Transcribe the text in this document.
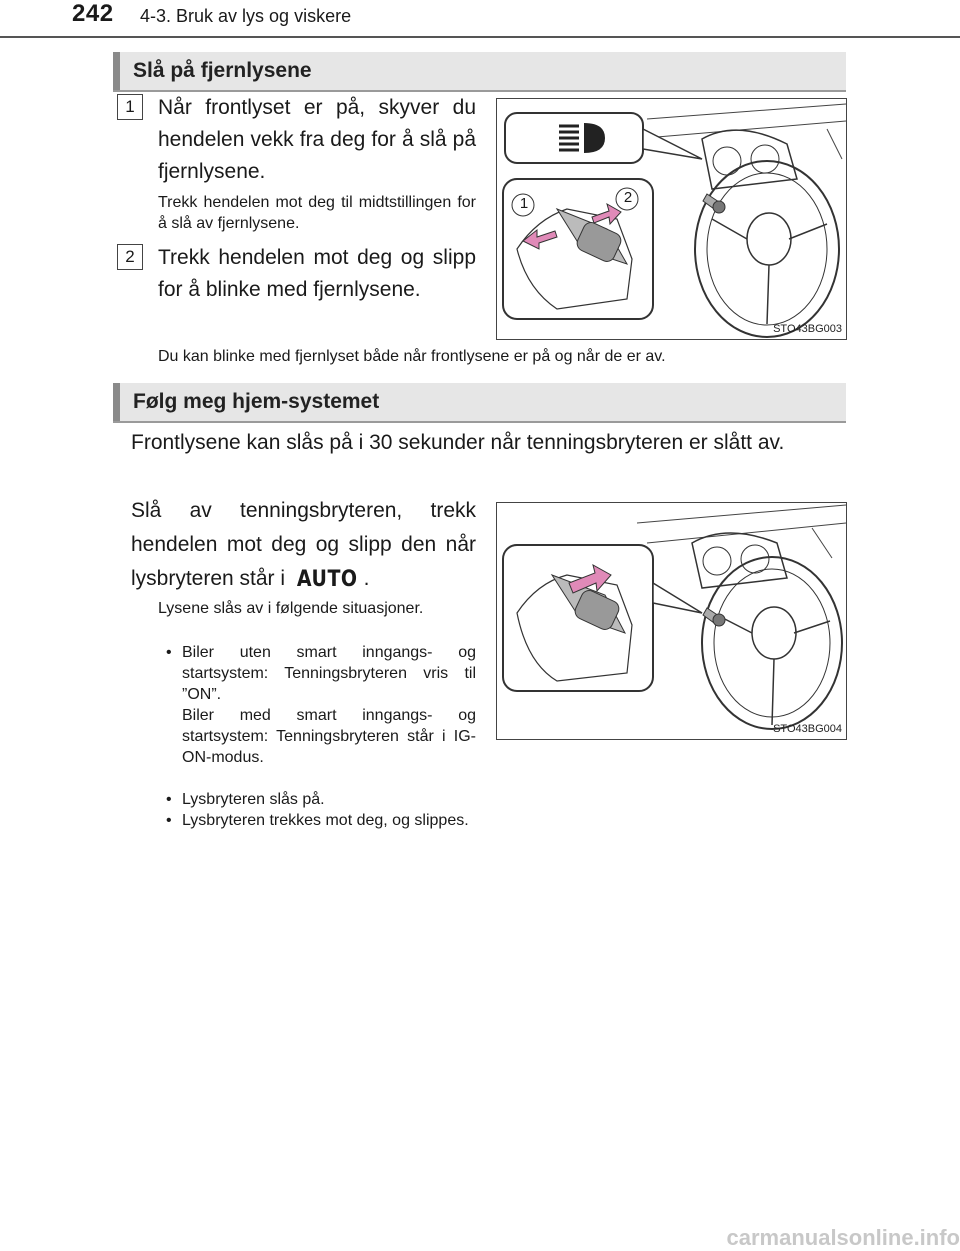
242 4-3. Bruk av lys og viskere
Slå på fjernlysene
1	Når frontlyset er på, skyver du hendelen vekk fra deg for å slå på fjernlysene.
Trekk hendelen mot deg til midtstillingen for å slå av fjernlysene.
2	Trekk hendelen mot deg og slipp for å blinke med fjernlysene.
1	2
STO43BG003
Du kan blinke med fjernlyset både når frontlysene er på og når de er av.
Følg meg hjem-systemet
Frontlysene kan slås på i 30 sekunder når tenningsbryteren er slått av.
Slå av tenningsbryteren, trekk hendelen mot deg og slipp den når lysbryteren står i AUTO .
Lysene slås av i følgende situasjoner.
• Biler uten smart inngangs- og startsystem: Tenningsbryteren vris til ”ON”.
Biler med smart inngangs- og startsystem: Tenningsbryteren står i IG-ON-modus.
• Lysbryteren slås på.
• Lysbryteren trekkes mot deg, og slippes.
STO43BG004
carmanualsonline.info
